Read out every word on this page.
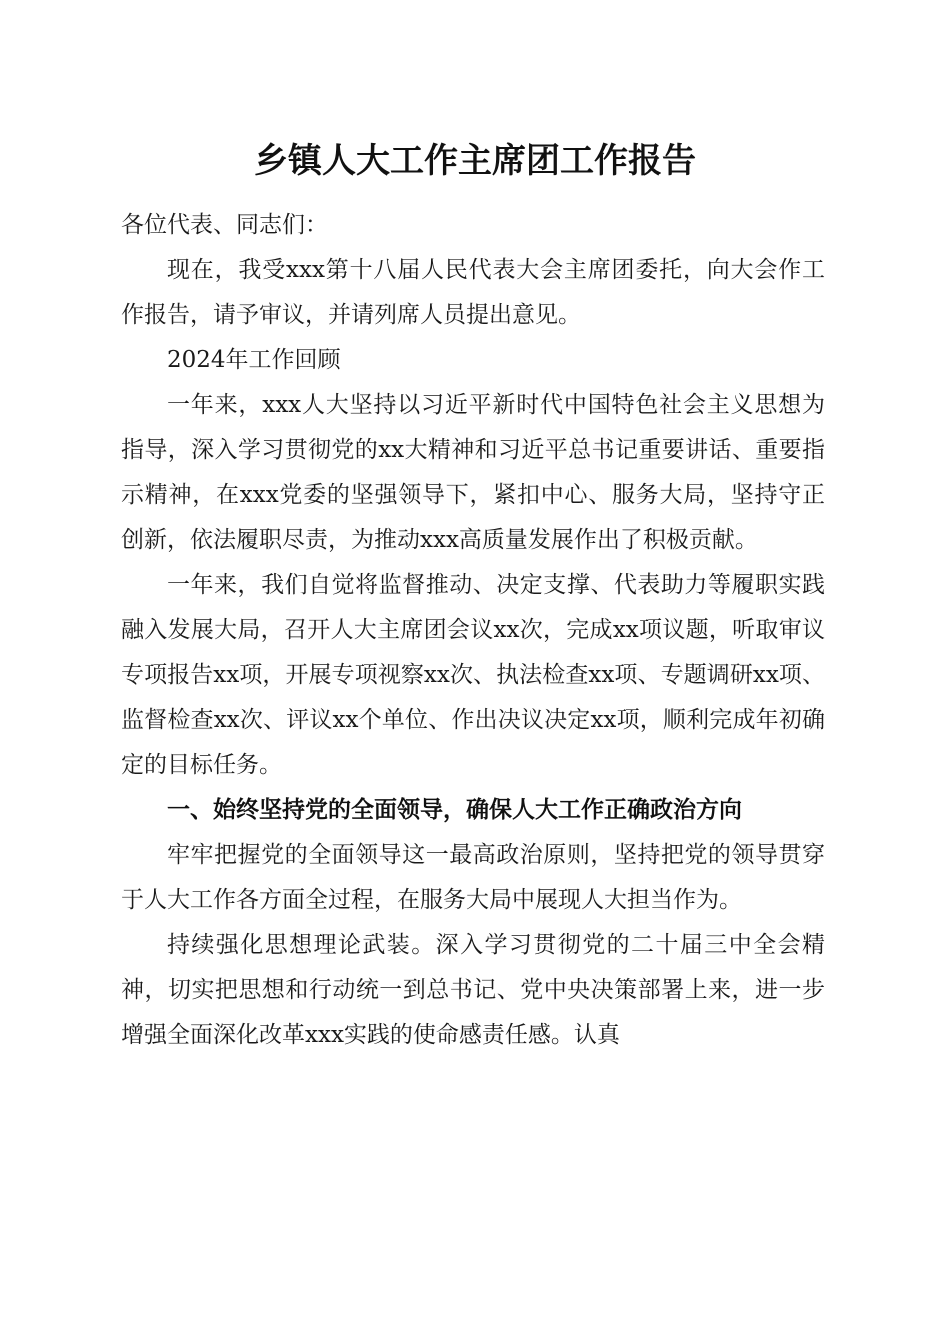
乡镇人大工作主席团工作报告

各位代表、同志们：

现在，我受xxx第十八届人民代表大会主席团委托，向大会作工作报告，请予审议，并请列席人员提出意见。

2024年工作回顾

一年来，xxx人大坚持以习近平新时代中国特色社会主义思想为指导，深入学习贯彻党的xx大精神和习近平总书记重要讲话、重要指示精神，在xxx党委的坚强领导下，紧扣中心、服务大局，坚持守正创新，依法履职尽责，为推动xxx高质量发展作出了积极贡献。

一年来，我们自觉将监督推动、决定支撑、代表助力等履职实践融入发展大局，召开人大主席团会议xx次，完成xx项议题，听取审议专项报告xx项，开展专项视察xx次、执法检查xx项、专题调研xx项、监督检查xx次、评议xx个单位、作出决议决定xx项，顺利完成年初确定的目标任务。

一、始终坚持党的全面领导，确保人大工作正确政治方向

牢牢把握党的全面领导这一最高政治原则，坚持把党的领导贯穿于人大工作各方面全过程，在服务大局中展现人大担当作为。

持续强化思想理论武装。深入学习贯彻党的二十届三中全会精神，切实把思想和行动统一到总书记、党中央决策部署上来，进一步增强全面深化改革xxx实践的使命感责任感。认真
